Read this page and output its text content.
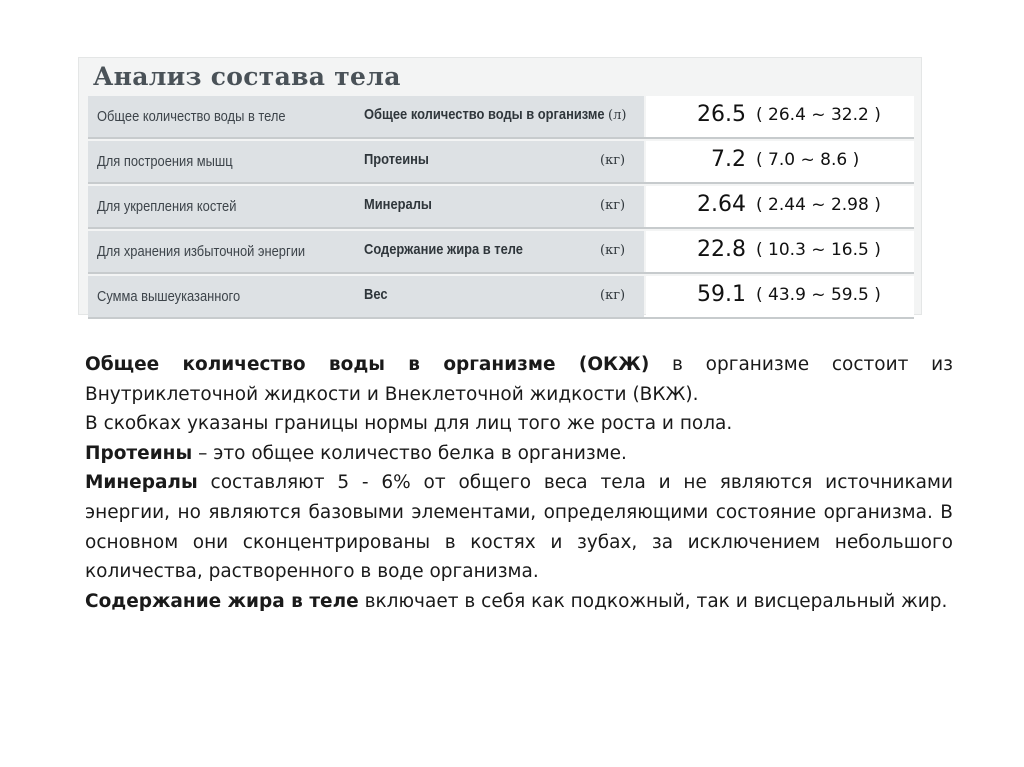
Анализ состава тела
Общее количество воды в теле	Общее количество воды в организме (л)	26.5 ( 26.4 ~ 32.2 )
Для построения мышц	Протеины	(кг)	7.2 ( 7.0 ~ 8.6 )
Для укрепления костей	Минералы	(кг)	2.64 ( 2.44 ~ 2.98 )
Для хранения избыточной энергии	Содержание жира в теле	(кг)	22.8 ( 10.3 ~ 16.5 )
Сумма вышеуказанного	Вес	(кг)	59.1 ( 43.9 ~ 59.5 )

Общее количество воды в организме (ОКЖ) в организме состоит из Внутриклеточной жидкости и Внеклеточной жидкости (ВКЖ).

В скобках указаны границы нормы для лиц того же роста и пола.

Протеины – это общее количество белка в организме.

Минералы составляют 5 - 6% от общего веса тела и не являются источниками энергии, но являются базовыми элементами, определяющими состояние организма. В основном они сконцентрированы в костях и зубах, за исключением небольшого количества, растворенного в воде организма.

Содержание жира в теле включает в себя как подкожный, так и висцеральный жир.
